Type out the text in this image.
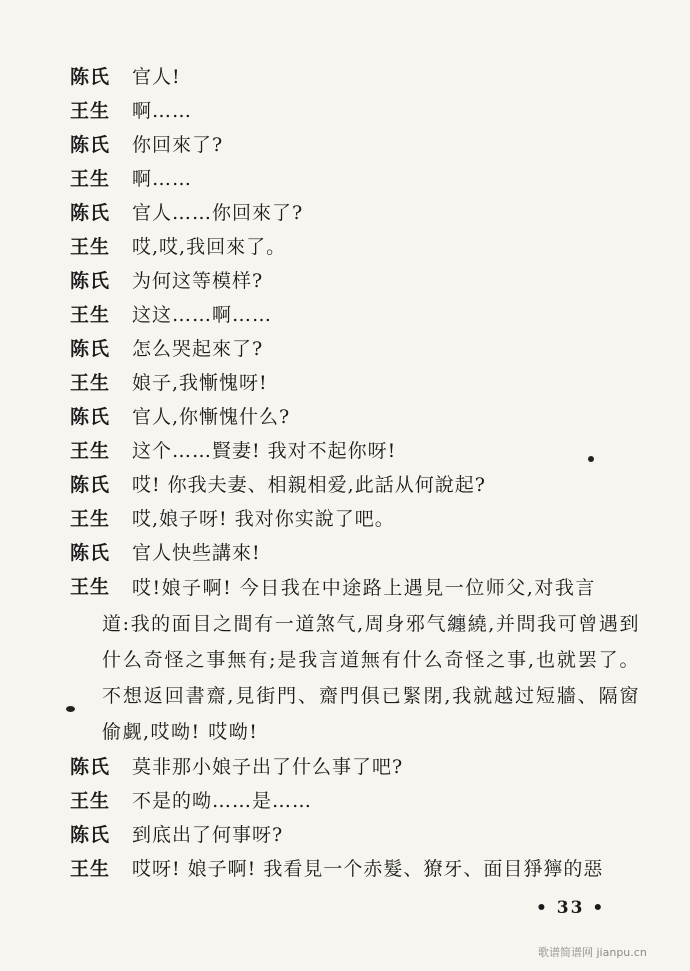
陈氏	官人!
王生	啊……
陈氏	你回來了?
王生	啊……
陈氏	官人……你回來了?
王生	哎,哎,我回來了。
陈氏	为何这等模样?
王生	这这……啊……
陈氏	怎么哭起來了?
王生	娘子,我慚愧呀!
陈氏	官人,你慚愧什么?
王生	这个……賢妻! 我对不起你呀!
陈氏	哎! 你我夫妻、相親相爱,此話从何說起?
王生	哎,娘子呀! 我对你实說了吧。
陈氏	官人快些講來!
王生	哎!娘子啊! 今日我在中途路上遇見一位师父,对我言
道:我的面目之間有一道煞气,周身邪气纏繞,并問我可曾遇到什么奇怪之事無有;是我言道無有什么奇怪之事,也就罢了。不想返回書齋,見街門、齋門俱已緊閉,我就越过短牆、隔窗偷觑,哎呦! 哎呦!
陈氏	莫非那小娘子出了什么事了吧?
王生	不是的呦……是……
陈氏	到底出了何事呀?
王生	哎呀! 娘子啊! 我看見一个赤髮、獠牙、面目猙獰的惡
• 33 •
歌谱简谱网 jianpu.cn
